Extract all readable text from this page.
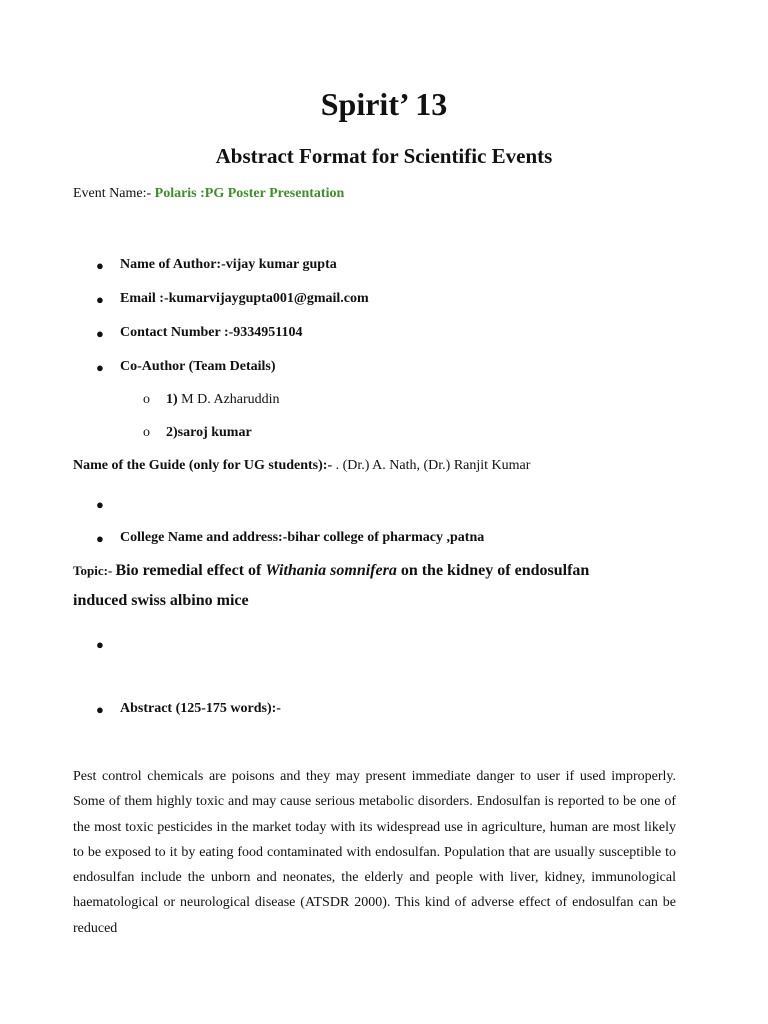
Spirit’ 13
Abstract Format for Scientific Events
Event Name:- Polaris :PG Poster Presentation
● Name of Author:-vijay kumar gupta
● Email :-kumarvijaygupta001@gmail.com
● Contact Number :-9334951104
● Co-Author (Team Details)
o 1) M D. Azharuddin
o 2)saroj kumar
Name of the Guide (only for UG students):- . (Dr.) A. Nath, (Dr.) Ranjit Kumar
●
● College Name and address:-bihar college of pharmacy ,patna
Topic:- Bio remedial effect of Withania somnifera on the kidney of endosulfan
induced swiss albino mice
●
● Abstract (125-175 words):-
Pest control chemicals are poisons and they may present immediate danger to user if used improperly. Some of them highly toxic and may cause serious metabolic disorders. Endosulfan is reported to be one of the most toxic pesticides in the market today with its widespread use in agriculture, human are most likely to be exposed to it by eating food contaminated with endosulfan. Population that are usually susceptible to endosulfan include the unborn and neonates, the elderly and people with liver, kidney, immunological haematological or neurological disease (ATSDR 2000). This kind of adverse effect of endosulfan can be reduced
